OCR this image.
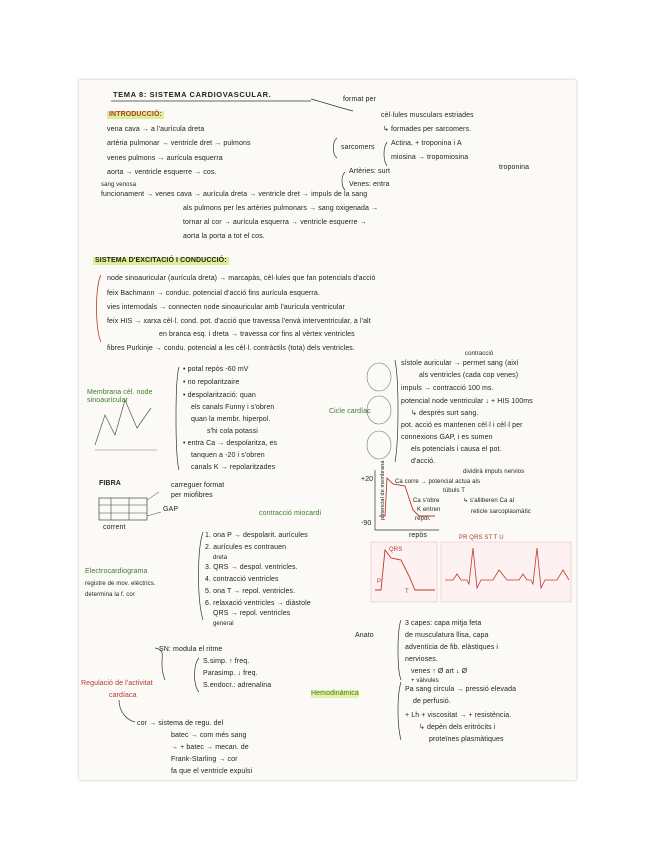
TEMA 8: SISTEMA CARDIOVASCULAR.
INTRODUCCIÓ:
vena cava → a l'aurícula dreta
artèria pulmonar → ventricle dret → pulmons
venes pulmons → aurícula esquerra
aorta → ventricle esquerre → cos.
sang venosa
funcionament → venes cava → aurícula dreta → ventricle dret → impuls de la sang
als pulmons per les artèries pulmonars → sang oxigenada →
tornar al cor → aurícula esquerra → ventricle esquerre →
aorta la porta a tot el cos.
format per
cèl·lules musculars estriades
↳ formades per sarcomers.
sarcomers
Actina, + troponina i A
miosina → tropomiosina
troponina
Artèries: surt
Venes: entra
SISTEMA D'EXCITACIÓ I CONDUCCIÓ:
node sinoauricular (aurícula dreta) → marcapàs, cèl·lules que fan potencials d'acció
feix Bachmann → conduc. potencial d'acció fins aurícula esquerra.
vies internodals → connecten node sinoauricular amb l'aurícula ventricular
feix HIS → xarxa cèl·l. cond. pot. d'acció que travessa l'envà interventricular, a l'alt
en branca esq. i dreta → travessa cor fins al vèrtex ventricles
fibres Purkinje → condu. potencial a les cèl·l. contràctils (tota) dels ventricles.
Membrana cèl. node sinoauricular
• potal repòs -60 mV
• no repolaritzaire
• despolarització: quan
els canals Funny i s'obren
quan la membr. hiperpol.
s'hi cola potassi
• entra Ca → despolaritza, es
tanquen a -20 i s'obren
canals K → repolaritzades
Cicle cardíac
contracció
sístole auricular → permet sang (així
als ventricles (cada cop venes)
impuls → contracció 100 ms.
potencial node ventricular ↓ + HIS 100ms
↳ després surt sang.
pot. acció es mantenen cèl·l i cèl·l per
connexions GAP, i es sumen
els potencials i causa el pot.
d'acció.
FIBRA	carreguer format
per miofibres
GAP
corrent
contracció miocardi
+20
-90
potencial de membrana
repòs
Ca corre → potencial actua als
túbuls T
Ca s'obre	↳ s'alliberen Ca al
reticle sarcoplasmàtic
K entren
repol.
dividirà impuls nervios
Electrocardiograma
registre de mov. elèctrics.
determina la f. cor
1. ona P → despolarit. aurícules
2. aurícules es contrauen
dreta
3. QRS → despol. ventricles.
4. contracció ventricles
5. ona T → repol. ventricles.
6. relaxació ventricles → diàstole
QRS → repol. ventricles
general
QRS
T
P
PR QRS ST T U
Anato
3 capes: capa mitja feta
de musculatura llisa, capa
adventícia de fib. elàstiques i
nervioses.
venes ↑ Ø art ↓ Ø
+ vàlvules
Hemodinàmica
Pa sang circula → pressió elevada
de perfusió.
+ Lh + viscositat → + resistència.
↳ depèn dels eritròcits i
proteïnes plasmàtiques
Regulació de l'activitat
cardíaca
SN: modula el ritme
S.simp. ↑ freq.
Parasimp. ↓ freq.
S.endocr.: adrenalina
cor → sistema de regu. del
batec → com més sang
→ + batec → mecan. de
Frank-Starling → cor
fa que el ventricle expulsi
